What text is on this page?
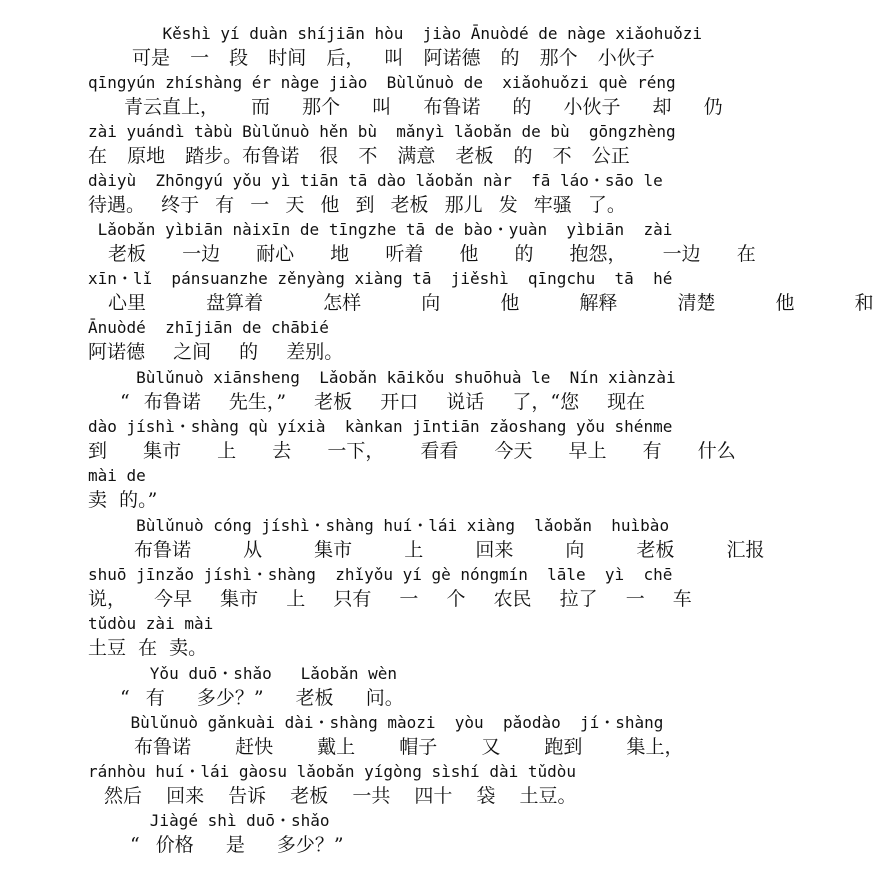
Kěshì yí duàn shíjiān hòu  jiào Ānuòdé de nàge xiǎohuǒzi
可是  一  段  时间  后，  叫  阿诺德  的  那个  小伙子
qīngyún zhíshàng ér nàge jiào  Bùlǔnuò de  xiǎohuǒzi què réng
青云直上，  而  那个  叫  布鲁诺  的  小伙子  却  仍
zài yuándì tàbù Bùlǔnuò hěn bù  mǎnyì lǎobǎn de bù  gōngzhèng
在  原地  踏步。布鲁诺  很  不  满意  老板  的  不  公正
dàiyù  Zhōngyú yǒu yì tiān tā dào lǎobǎn nàr  fā láo・sāo le
待遇。  终于  有  一  天  他  到  老板  那儿  发  牢骚  了。
Lǎobǎn yìbiān nàixīn de tīngzhe tā de bào・yuàn  yìbiān  zài
老板  一边  耐心  地  听着  他  的  抱怨，  一边  在
xīn・lǐ  pánsuanzhe zěnyàng xiàng tā  jiěshì  qīngchu  tā  hé
心里  盘算着  怎样  向  他  解释  清楚  他  和
Ānuòdé  zhījiān de chābié
阿诺德  之间  的  差别。
Bùlǔnuò xiānsheng  Lǎobǎn kāikǒu shuōhuà le  Nín xiànzài
“ 布鲁诺  先生，”  老板  开口  说话  了，“您  现在
dào jíshì・shàng qù yíxià  kànkan jīntiān zǎoshang yǒu shénme
到  集市  上  去  一下，  看看  今天  早上  有  什么
mài de
卖  的。”
Bùlǔnuò cóng jíshì・shàng huí・lái xiàng  lǎobǎn  huìbào
布鲁诺  从  集市  上  回来  向  老板  汇报
shuō jīnzǎo jíshì・shàng  zhǐyǒu yí gè nóngmín  lāle  yì  chē
说，  今早  集市  上  只有  一  个  农民  拉了  一  车
tǔdòu zài mài
土豆  在  卖。
Yǒu duō・shǎo   Lǎobǎn wèn
“ 有  多少？”  老板  问。
Bùlǔnuò gǎnkuài dài・shàng màozi  yòu  pǎodào  jí・shàng
布鲁诺  赶快  戴上  帽子  又  跑到  集上，
ránhòu huí・lái gàosu lǎobǎn yígòng sìshí dài tǔdòu
然后  回来  告诉  老板  一共  四十  袋  土豆。
Jiàgé shì duō・shǎo
“ 价格  是  多少？”
